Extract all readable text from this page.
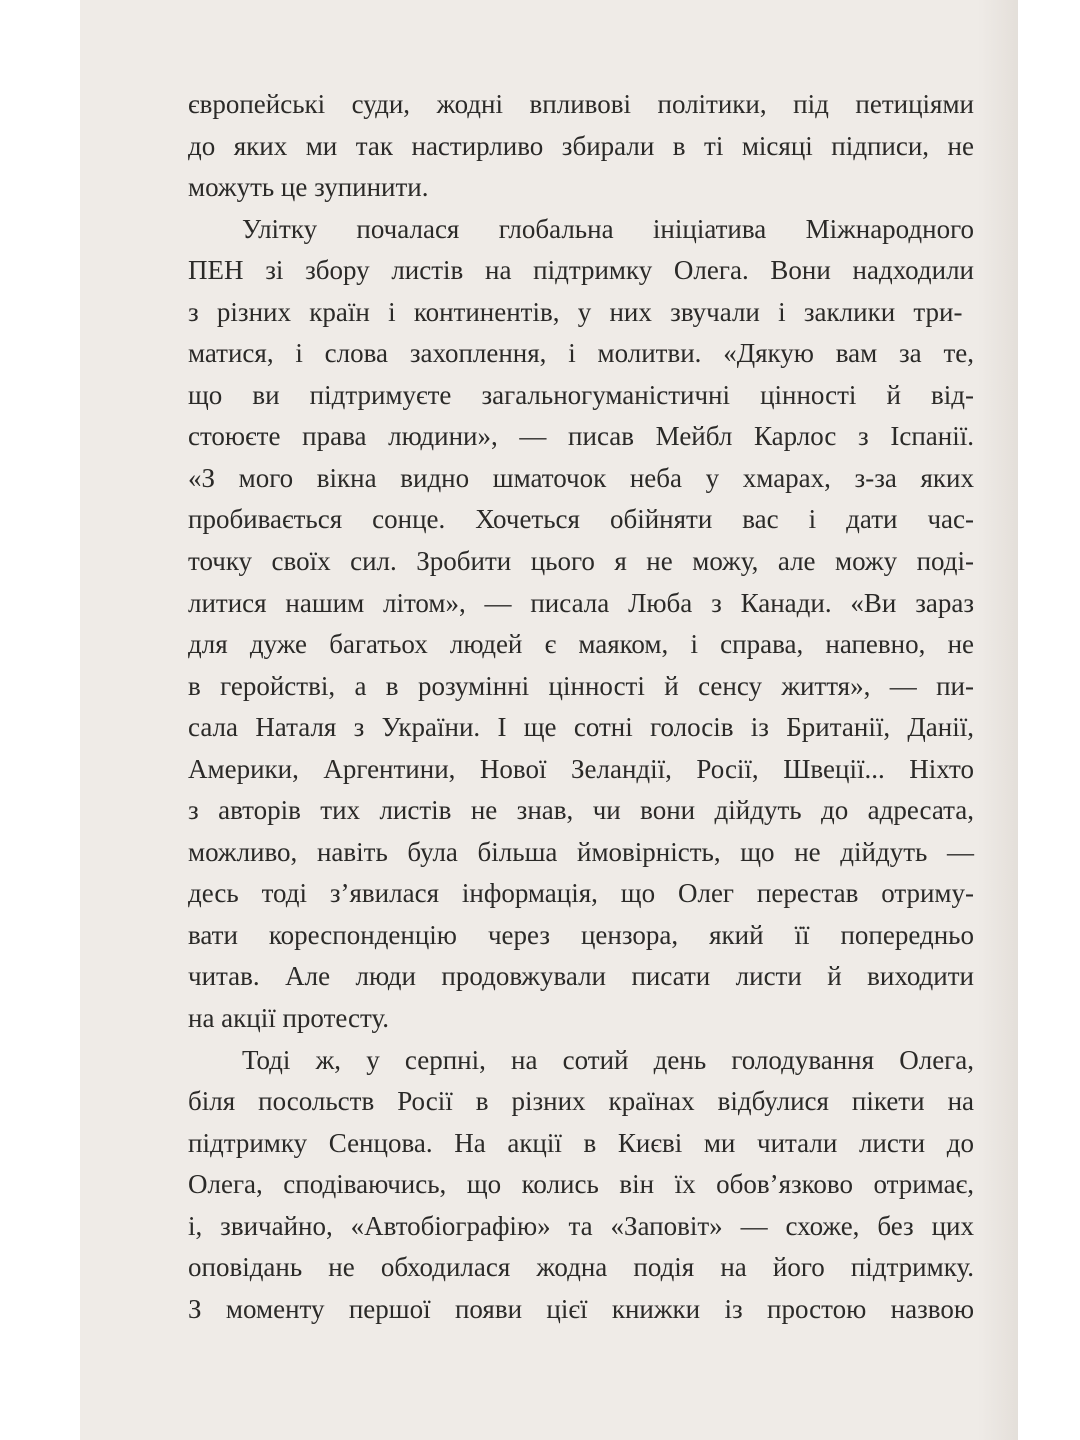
європейські суди, жодні впливові політики, під петиціями
до яких ми так настирливо збирали в ті місяці підписи, не
можуть це зупинити.
Улітку почалася глобальна ініціатива Міжнародного
ПЕН зі збору листів на підтримку Олега. Вони надходили
з різних країн і континентів, у них звучали і заклики три-
матися, і слова захоплення, і молитви. «Дякую вам за те,
що ви підтримуєте загальногуманістичні цінності й від-
стоюєте права людини», — писав Мейбл Карлос з Іспанії.
«З мого вікна видно шматочок неба у хмарах, з-за яких
пробивається сонце. Хочеться обійняти вас і дати час-
точку своїх сил. Зробити цього я не можу, але можу поді-
литися нашим літом», — писала Люба з Канади. «Ви зараз
для дуже багатьох людей є маяком, і справа, напевно, не
в геройстві, а в розумінні цінності й сенсу життя», — пи-
сала Наталя з України. І ще сотні голосів із Британії, Данії,
Америки, Аргентини, Нової Зеландії, Росії, Швеції... Ніхто
з авторів тих листів не знав, чи вони дійдуть до адресата,
можливо, навіть була більша ймовірність, що не дійдуть —
десь тоді з’явилася інформація, що Олег перестав отриму-
вати кореспонденцію через цензора, який її попередньо
читав. Але люди продовжували писати листи й виходити
на акції протесту.
Тоді ж, у серпні, на сотий день голодування Олега,
біля посольств Росії в різних країнах відбулися пікети на
підтримку Сенцова. На акції в Києві ми читали листи до
Олега, сподіваючись, що колись він їх обов’язково отримає,
і, звичайно, «Автобіографію» та «Заповіт» — схоже, без цих
оповідань не обходилася жодна подія на його підтримку.
З моменту першої появи цієї книжки із простою назвою
